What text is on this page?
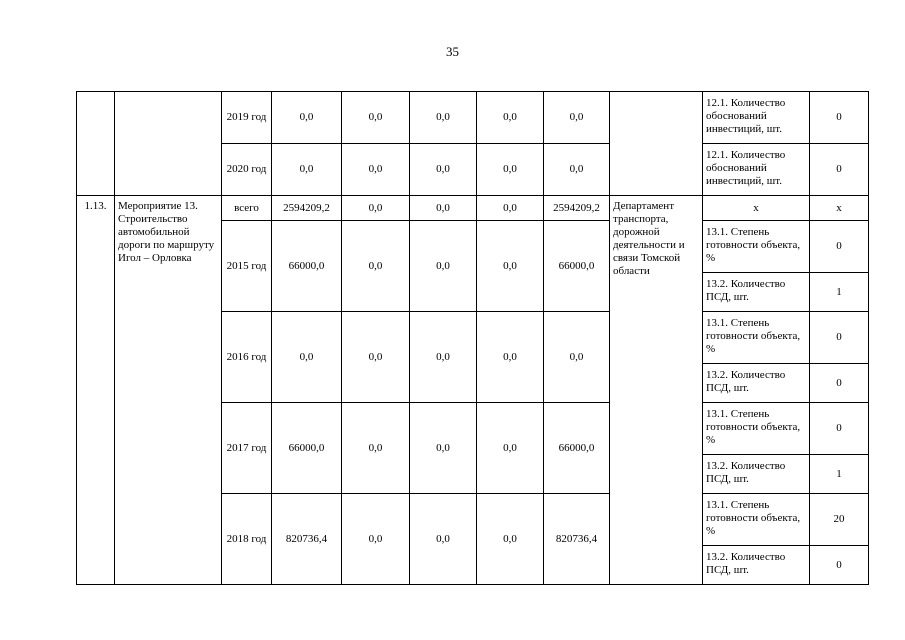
35
		2019 год	0,0	0,0	0,0	0,0	0,0		12.1. Количество обоснований инвестиций, шт.	0
		2020 год	0,0	0,0	0,0	0,0	0,0		12.1. Количество обоснований инвестиций, шт.	0
1.13.	Мероприятие 13. Строительство автомобильной дороги по маршруту Игол – Орловка	всего	2594209,2	0,0	0,0	0,0	2594209,2	Департамент транспорта, дорожной деятельности и связи Томской области	х	х
		2015 год	66000,0	0,0	0,0	0,0	66000,0		13.1. Степень готовности объекта, %	0
									13.2. Количество ПСД, шт.	1
		2016 год	0,0	0,0	0,0	0,0	0,0		13.1. Степень готовности объекта, %	0
									13.2. Количество ПСД, шт.	0
		2017 год	66000,0	0,0	0,0	0,0	66000,0		13.1. Степень готовности объекта, %	0
									13.2. Количество ПСД, шт.	1
		2018 год	820736,4	0,0	0,0	0,0	820736,4		13.1. Степень готовности объекта, %	20
									13.2. Количество ПСД, шт.	0
